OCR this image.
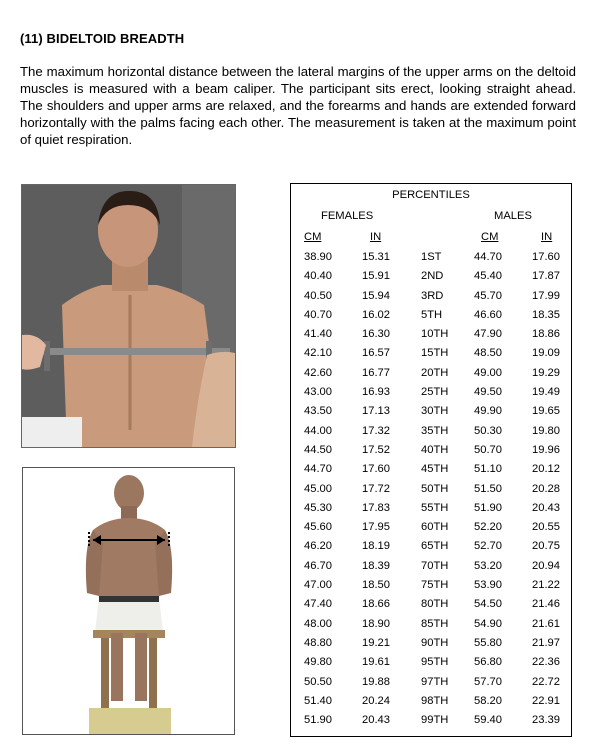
(11) BIDELTOID BREADTH
The maximum horizontal distance between the lateral margins of the upper arms on the deltoid muscles is measured with a beam caliper. The participant sits erect, looking straight ahead. The shoulders and upper arms are relaxed, and the forearms and hands are extended forward horizontally with the palms facing each other. The measurement is taken at the maximum point of quiet respiration.
PERCENTILES
FEMALES	MALES
CM	IN	CM	IN
38.90	15.31	1ST	44.70	17.60
40.40	15.91	2ND	45.40	17.87
40.50	15.94	3RD	45.70	17.99
40.70	16.02	5TH	46.60	18.35
41.40	16.30	10TH 47.90	18.86
42.10	16.57	15TH 48.50	19.09
42.60	16.77	20TH 49.00	19.29
43.00	16.93	25TH 49.50	19.49
43.50	17.13	30TH 49.90	19.65
44.00	17.32	35TH 50.30	19.80
44.50	17.52	40TH 50.70	19.96
44.70	17.60	45TH 51.10	20.12
45.00	17.72	50TH 51.50	20.28
45.30	17.83	55TH 51.90	20.43
45.60	17.95	60TH 52.20	20.55
46.20	18.19	65TH 52.70	20.75
46.70	18.39	70TH 53.20	20.94
47.00	18.50	75TH 53.90	21.22
47.40	18.66	80TH 54.50	21.46
48.00	18.90	85TH 54.90	21.61
48.80	19.21	90TH 55.80	21.97
49.80	19.61	95TH 56.80	22.36
50.50	19.88	97TH 57.70	22.72
51.40	20.24	98TH 58.20	22.91
51.90	20.43	99TH 59.40	23.39
